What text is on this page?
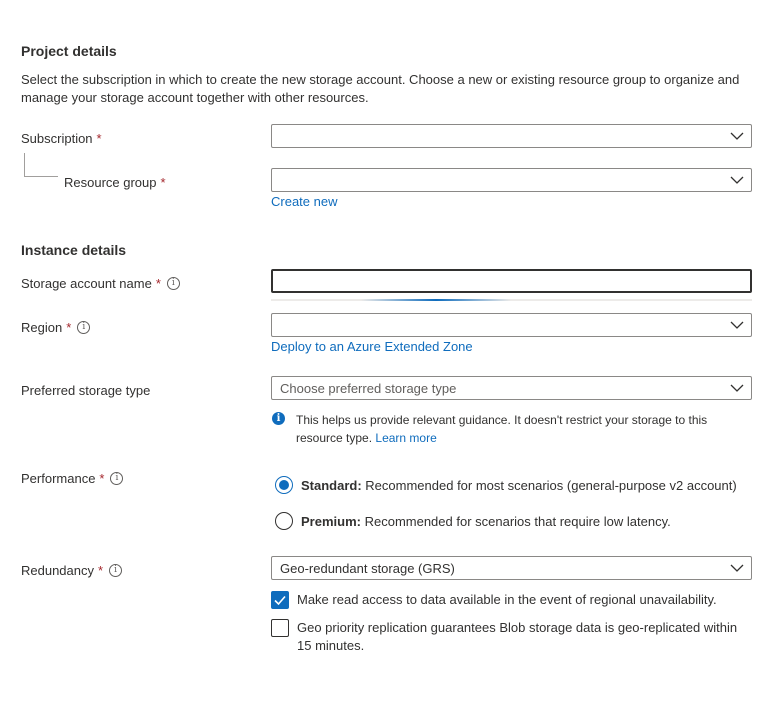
Project details
Select the subscription in which to create the new storage account. Choose a new or existing resource group to organize and manage your storage account together with other resources.
Subscription *
Resource group *
Create new
Instance details
Storage account name *	i
Region *	i
Deploy to an Azure Extended Zone
Preferred storage type	Choose preferred storage type
i	This helps us provide relevant guidance. It doesn't restrict your storage to this resource type. Learn more
Performance *	i	Standard: Recommended for most scenarios (general-purpose v2 account)
Premium: Recommended for scenarios that require low latency.
Redundancy *	i	Geo-redundant storage (GRS)
Make read access to data available in the event of regional unavailability.
Geo priority replication guarantees Blob storage data is geo-replicated within 15 minutes.
